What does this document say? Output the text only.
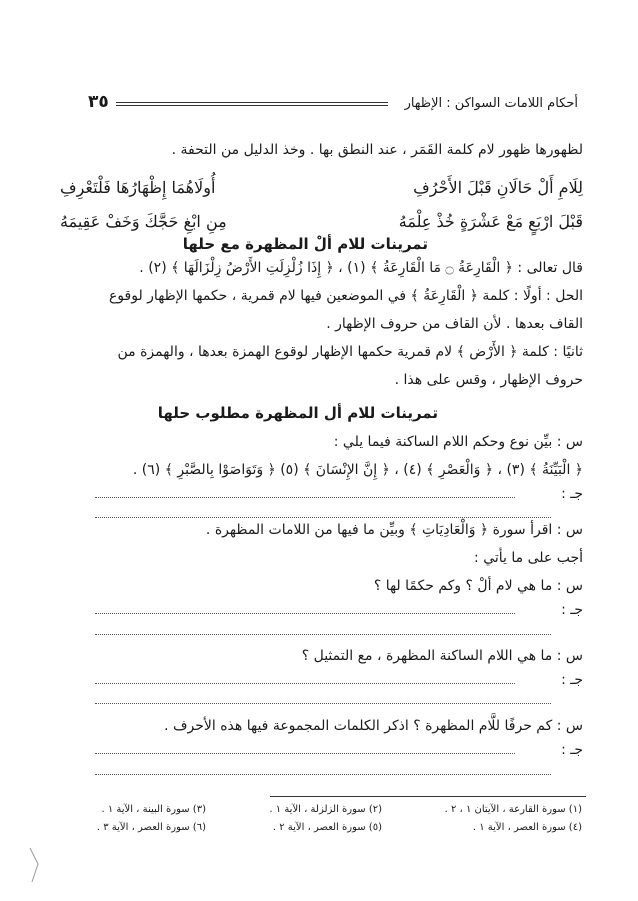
أحكام اللامات السواكن : الإظهار
٣٥
لظهورها ظهور لام كلمة القَمَر ، عند النطق بها . وخذ الدليل من التحفة .
لِلَامِ أَلْ حَالَانِ قَبْلَ الأَحْرُفِ
أُولَاهُمَا إِظْهَارُهَا فَلْتَعْرِفِ
قَبْلَ ارْبَعٍ مَعْ عَشْرَةٍ خُذْ عِلْمَهُ
مِنِ ابْغِ حَجَّكَ وَخَفْ عَقِيمَهُ
تمرينات للام ألْ المظهرة مع حلها
قال تعالى : ﴿ الْقَارِعَةُ ۝ مَا الْقَارِعَةُ ﴾ (١) ، ﴿ إِذَا زُلْزِلَتِ الأَرْضُ زِلْزَالَهَا ﴾ (٢) .
الحل : أولًا : كلمة ﴿ الْقَارِعَةُ ﴾ في الموضعين فيها لام قمرية ، حكمها الإظهار لوقوع
القاف بعدها . لأن القاف من حروف الإظهار .
ثانيًا : كلمة ﴿ الأَرْض ﴾ لام قمرية حكمها الإظهار لوقوع الهمزة بعدها ، والهمزة من
حروف الإظهار ، وقس على هذا .
تمرينات للام أل المظهرة مطلوب حلها
س : بيِّن نوع وحكم اللام الساكنة فيما يلي :
﴿ الْبَيِّنَةُ ﴾ (٣) ، ﴿ وَالْعَصْرِ ﴾ (٤) ، ﴿ إِنَّ الإِنْسَانَ ﴾ (٥) ﴿ وَتَوَاصَوْا بِالصَّبْرِ ﴾ (٦) .
جـ :
س : اقرأ سورة ﴿ وَالْعَادِيَاتِ ﴾ وبيِّن ما فيها من اللامات المظهرة .
أجب على ما يأتي :
س : ما هي لام ألْ ؟ وكم حكمًا لها ؟
جـ :
س : ما هي اللام الساكنة المظهرة ، مع التمثيل ؟
جـ :
س : كم حرفًا للَّام المظهرة ؟ اذكر الكلمات المجموعة فيها هذه الأحرف .
جـ :
(١) سورة القارعة ، الآيتان ١ ، ٢ .
(٢) سورة الزلزلة ، الآية ١ .
(٣) سورة البينة ، الآية ١ .
(٤) سورة العصر ، الآية ١ .
(٥) سورة العصر ، الآية ٢ .
(٦) سورة العصر ، الآية ٣ .
